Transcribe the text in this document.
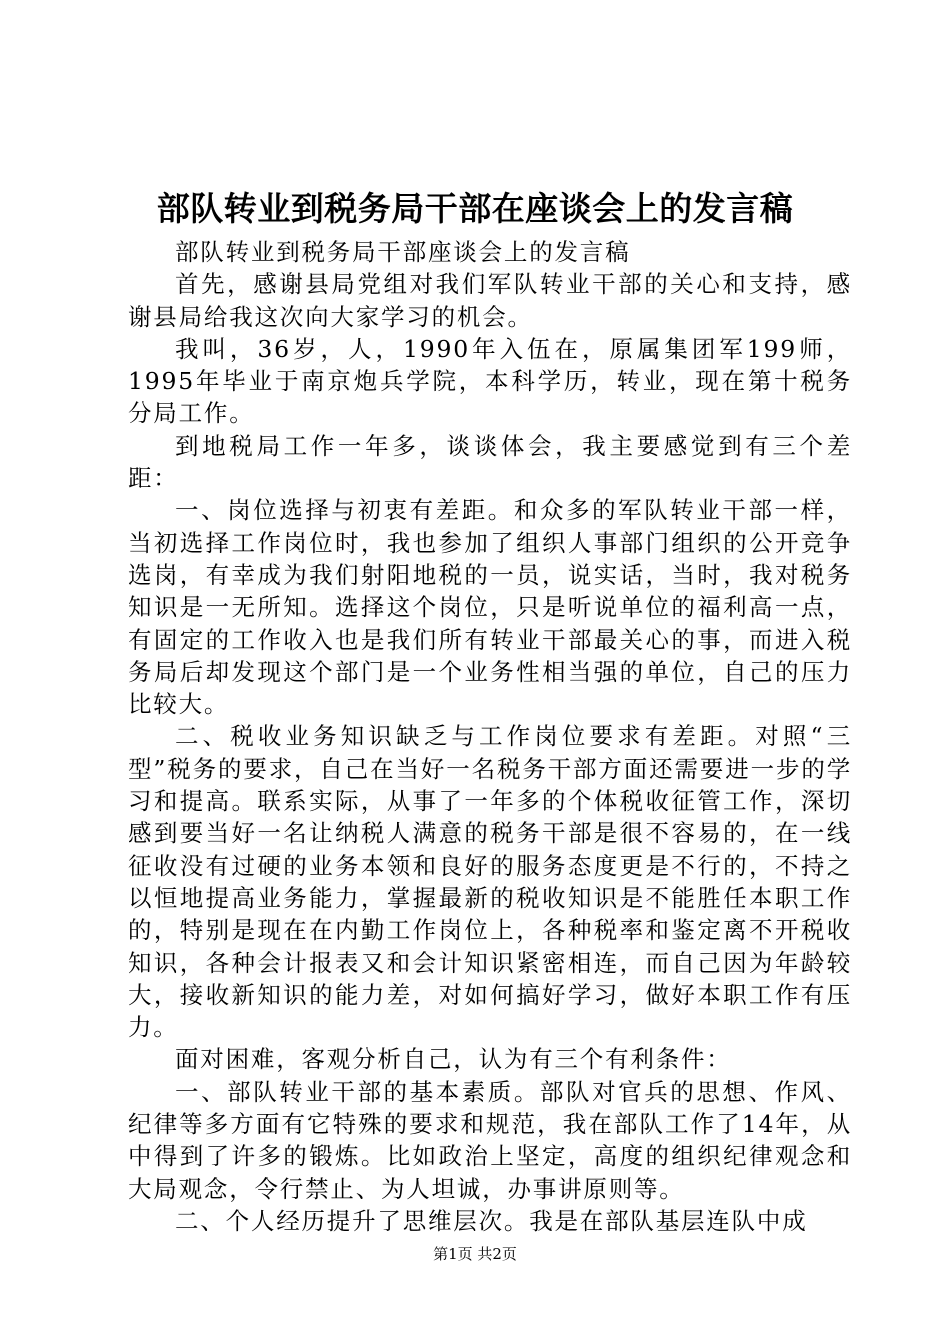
部队转业到税务局干部在座谈会上的发言稿

部队转业到税务局干部座谈会上的发言稿

首先，感谢县局党组对我们军队转业干部的关心和支持，感谢县局给我这次向大家学习的机会。

我叫，36岁，人，1990年入伍在，原属集团军199师，1995年毕业于南京炮兵学院，本科学历，转业，现在第十税务分局工作。

到地税局工作一年多，谈谈体会，我主要感觉到有三个差距：

一、岗位选择与初衷有差距。和众多的军队转业干部一样，当初选择工作岗位时，我也参加了组织人事部门组织的公开竞争选岗，有幸成为我们射阳地税的一员，说实话，当时，我对税务知识是一无所知。选择这个岗位，只是听说单位的福利高一点，有固定的工作收入也是我们所有转业干部最关心的事，而进入税务局后却发现这个部门是一个业务性相当强的单位，自己的压力比较大。

二、税收业务知识缺乏与工作岗位要求有差距。对照“三型”税务的要求，自己在当好一名税务干部方面还需要进一步的学习和提高。联系实际，从事了一年多的个体税收征管工作，深切感到要当好一名让纳税人满意的税务干部是很不容易的，在一线征收没有过硬的业务本领和良好的服务态度更是不行的，不持之以恒地提高业务能力，掌握最新的税收知识是不能胜任本职工作的，特别是现在在内勤工作岗位上，各种税率和鉴定离不开税收知识，各种会计报表又和会计知识紧密相连，而自己因为年龄较大，接收新知识的能力差，对如何搞好学习，做好本职工作有压力。

面对困难，客观分析自己，认为有三个有利条件：

一、部队转业干部的基本素质。部队对官兵的思想、作风、纪律等多方面有它特殊的要求和规范，我在部队工作了14年，从中得到了许多的锻炼。比如政治上坚定，高度的组织纪律观念和大局观念，令行禁止、为人坦诚，办事讲原则等。

二、个人经历提升了思维层次。我是在部队基层连队中成

第1页 共2页
